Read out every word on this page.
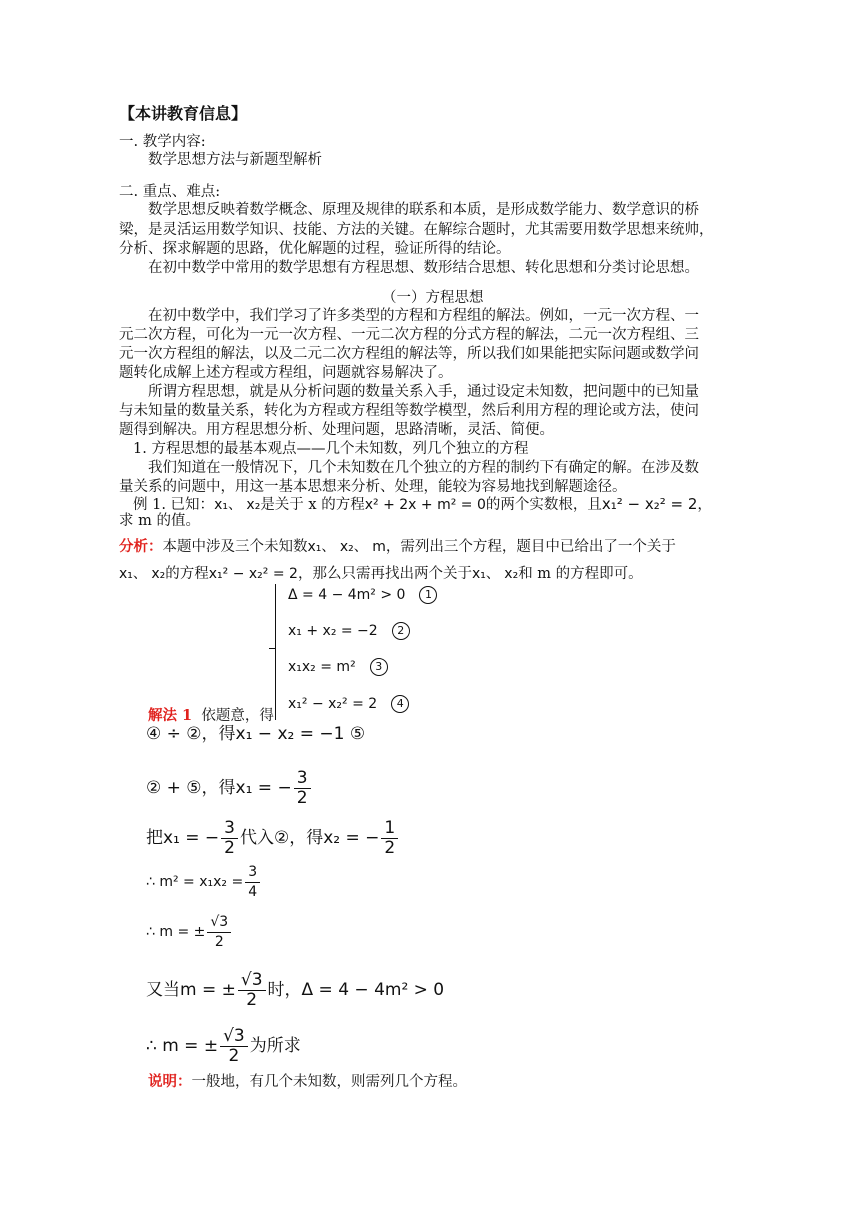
【本讲教育信息】
一. 教学内容:
数学思想方法与新题型解析
二. 重点、难点:
数学思想反映着数学概念、原理及规律的联系和本质，是形成数学能力、数学意识的桥
梁，是灵活运用数学知识、技能、方法的关键。在解综合题时，尤其需要用数学思想来统帅，
分析、探求解题的思路，优化解题的过程，验证所得的结论。
在初中数学中常用的数学思想有方程思想、数形结合思想、转化思想和分类讨论思想。
（一）方程思想
在初中数学中，我们学习了许多类型的方程和方程组的解法。例如，一元一次方程、一
元二次方程，可化为一元一次方程、一元二次方程的分式方程的解法，二元一次方程组、三
元一次方程组的解法，以及二元二次方程组的解法等，所以我们如果能把实际问题或数学问
题转化成解上述方程或方程组，问题就容易解决了。
所谓方程思想，就是从分析问题的数量关系入手，通过设定未知数，把问题中的已知量
与未知量的数量关系，转化为方程或方程组等数学模型，然后利用方程的理论或方法，使问
题得到解决。用方程思想分析、处理问题，思路清晰，灵活、简便。
1. 方程思想的最基本观点——几个未知数，列几个独立的方程
我们知道在一般情况下，几个未知数在几个独立的方程的制约下有确定的解。在涉及数
量关系的问题中，用这一基本思想来分析、处理，能较为容易地找到解题途径。
例 1. 已知：x₁、 x₂是关于 x 的方程x² + 2x + m² = 0的两个实数根，且x₁² − x₂² = 2，
求 m 的值。
分析：本题中涉及三个未知数x₁、 x₂、 m，需列出三个方程，题目中已给出了一个关于
x₁、 x₂的方程x₁² − x₂² = 2，那么只需再找出两个关于x₁、 x₂和 m 的方程即可。
Δ = 4 − 4m² > 0 1
x₁ + x₂ = −2 2
x₁x₂ = m² 3
x₁² − x₂² = 2 4
解法 1 依题意，得
④ ÷ ②，得x₁ − x₂ = −1 ⑤
② + ⑤，得x₁ = − $\frac{3}{2}$
把x₁ = − $\frac{3}{2}$ 代入②，得x₂ = − $\frac{1}{2}$
∴ $m^2 = x_1x_2 = \frac{3}{4}$
∴ m = ± $\frac{√3}{2}$
又当m = ± $\frac{√3}{2}$ 时，Δ = 4 − 4m² > 0
∴ m = ± $\frac{√3}{2}$ 为所求
说明：一般地，有几个未知数，则需列几个方程。
